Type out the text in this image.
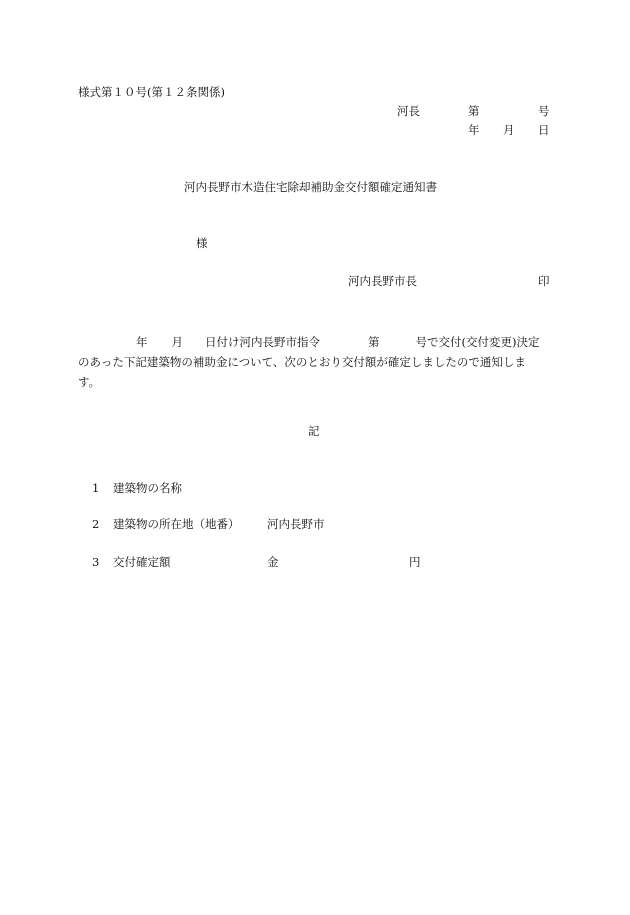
様式第１０号(第１２条関係)
河長	第	号
年 月 日
河内長野市木造住宅除却補助金交付額確定通知書
様
河内長野市長	印
年 月 日付け河内長野市指令	第	号で交付(交付変更)決定
のあった下記建築物の補助金について、次のとおり交付額が確定しましたので通知しま
す。
記
1 建築物の名称
2 建築物の所在地（地番） 河内長野市
3 交付確定額	金	円
